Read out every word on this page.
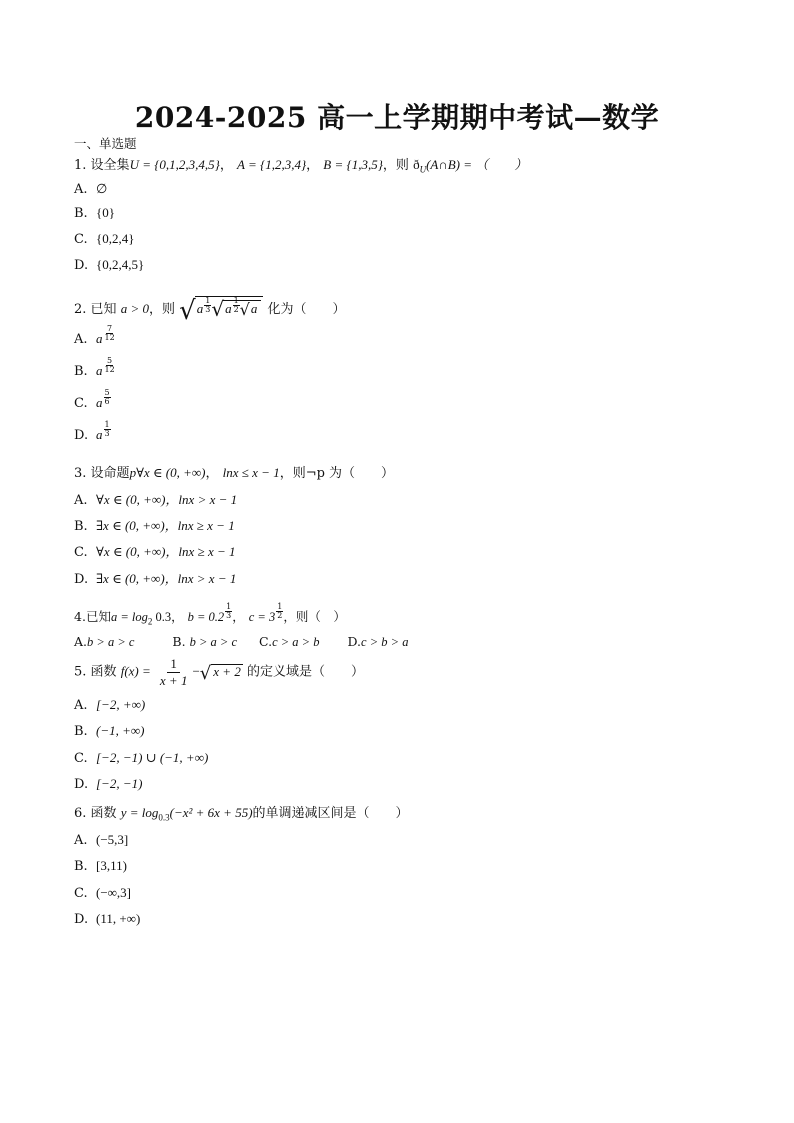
2024-2025 高一上学期期中考试—数学
一、单选题
1. 设全集U = {0,1,2,3,4,5}， A = {1,2,3,4}， B = {1,3,5}，则 $ð_U(A\cap B)$ = （　　）
A. ∅
B. {0}
C. {0,2,4}
D. {0,2,4,5}
2. 已知 a > 0，则 $√a \frac{1}{3} √a \frac{1}{2} √a$ 化为（　　）
A. a $\frac{7}{12}$
B. a $\frac{5}{12}$
C. a $\frac{5}{6}$
D. a $\frac{1}{3}$
3. 设命题p∀x ∈ (0, +∞)， lnx ≤ x − 1，则¬p 为（　　）
A. ∀x ∈ (0, +∞)，lnx > x − 1
B. ∃x ∈ (0, +∞)，lnx ≥ x − 1
C. ∀x ∈ (0, +∞)，lnx ≥ x − 1
D. ∃x ∈ (0, +∞)，lnx > x − 1
4.已知$a = \log_2 0.3$， $b = 0.2 \frac{1}{3}$ ， $c = 3 \frac{1}{2}$ ，则（　）
A.b > a > c	B. b > a > c C.c > a > b D.c > b > a
5. 函数 $f(x) = \frac{1}{x + 1}$ −√ x + 2 的定义域是（　　）
A. [−2, +∞)
B. (−1, +∞)
C. [−2, −1) ∪ (−1, +∞)
D. [−2, −1)
6. 函数 $y = \log_{0.3}(-x^2 + 6x + 55)$的单调递减区间是（　　）
A. (−5,3]
B. [3,11)
C. (−∞,3]
D. (11, +∞)
